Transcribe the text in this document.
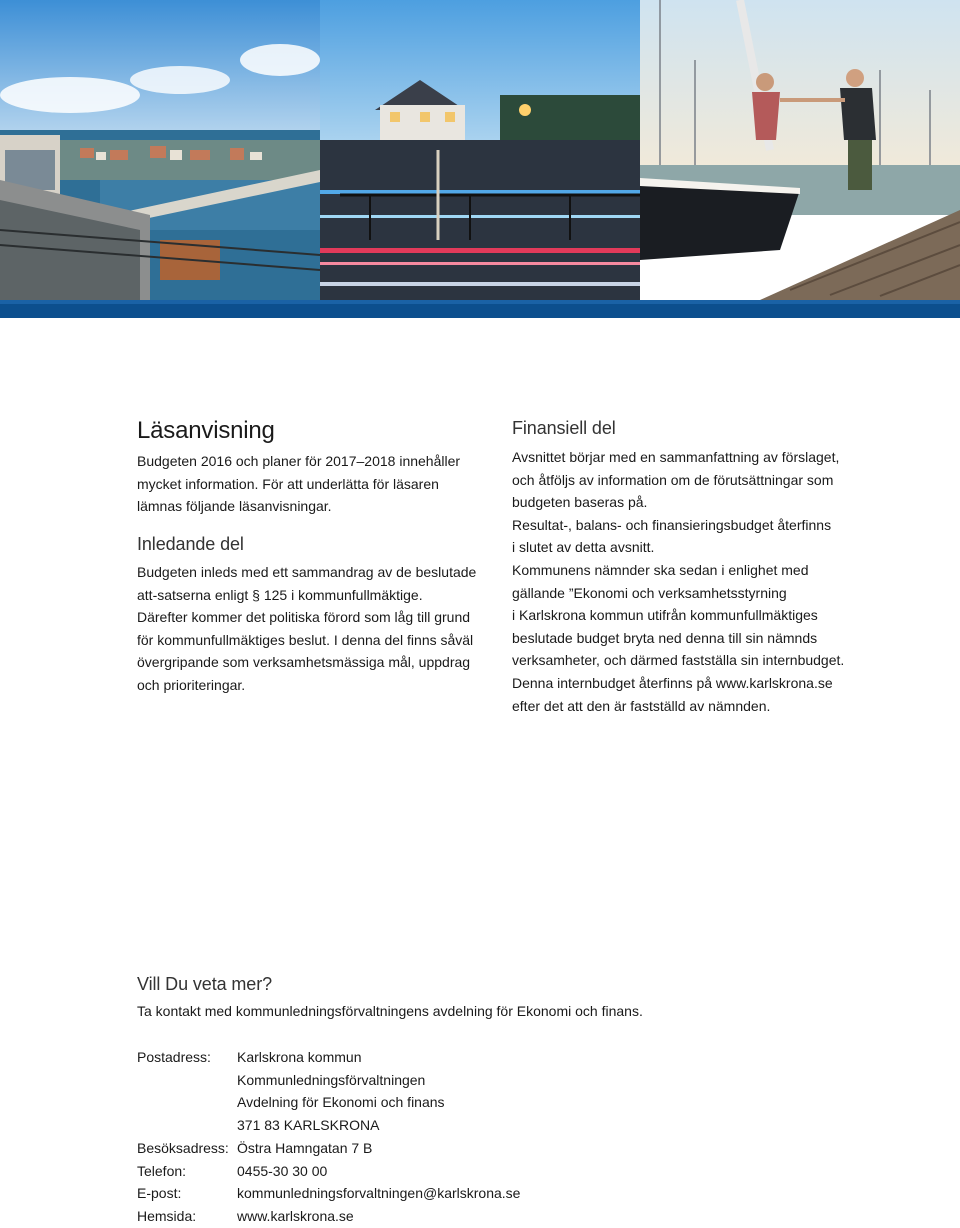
Läsanvisning
Budgeten 2016 och planer för 2017–2018 innehåller
mycket information. För att underlätta för läsaren
lämnas följande läsanvisningar.
Inledande del
Budgeten inleds med ett sammandrag av de beslutade
att-satserna enligt § 125 i kommunfullmäktige.
Därefter kommer det politiska förord som låg till grund
för kommunfullmäktiges beslut. I denna del finns såväl
övergripande som verksamhetsmässiga mål, uppdrag
och prioriteringar.
Finansiell del
Avsnittet börjar med en sammanfattning av förslaget,
och åtföljs av information om de förutsättningar som
budgeten baseras på.
Resultat-, balans- och finansieringsbudget återfinns
i slutet av detta avsnitt.
Kommunens nämnder ska sedan i enlighet med
gällande ”Ekonomi och verksamhetsstyrning
i Karlskrona kommun utifrån kommunfullmäktiges
beslutade budget bryta ned denna till sin nämnds
verksamheter, och därmed fastställa sin internbudget.
Denna internbudget återfinns på www.karlskrona.se
efter det att den är fastställd av nämnden.
Vill Du veta mer?
Ta kontakt med kommunledningsförvaltningens avdelning för Ekonomi och finans.
Postadress:	Karlskrona kommun
Kommunledningsförvaltningen
Avdelning för Ekonomi och finans
371 83 KARLSKRONA
Besöksadress: Östra Hamngatan 7 B
Telefon:	0455-30 30 00
E-post:	kommunledningsforvaltningen@karlskrona.se
Hemsida:	www.karlskrona.se
